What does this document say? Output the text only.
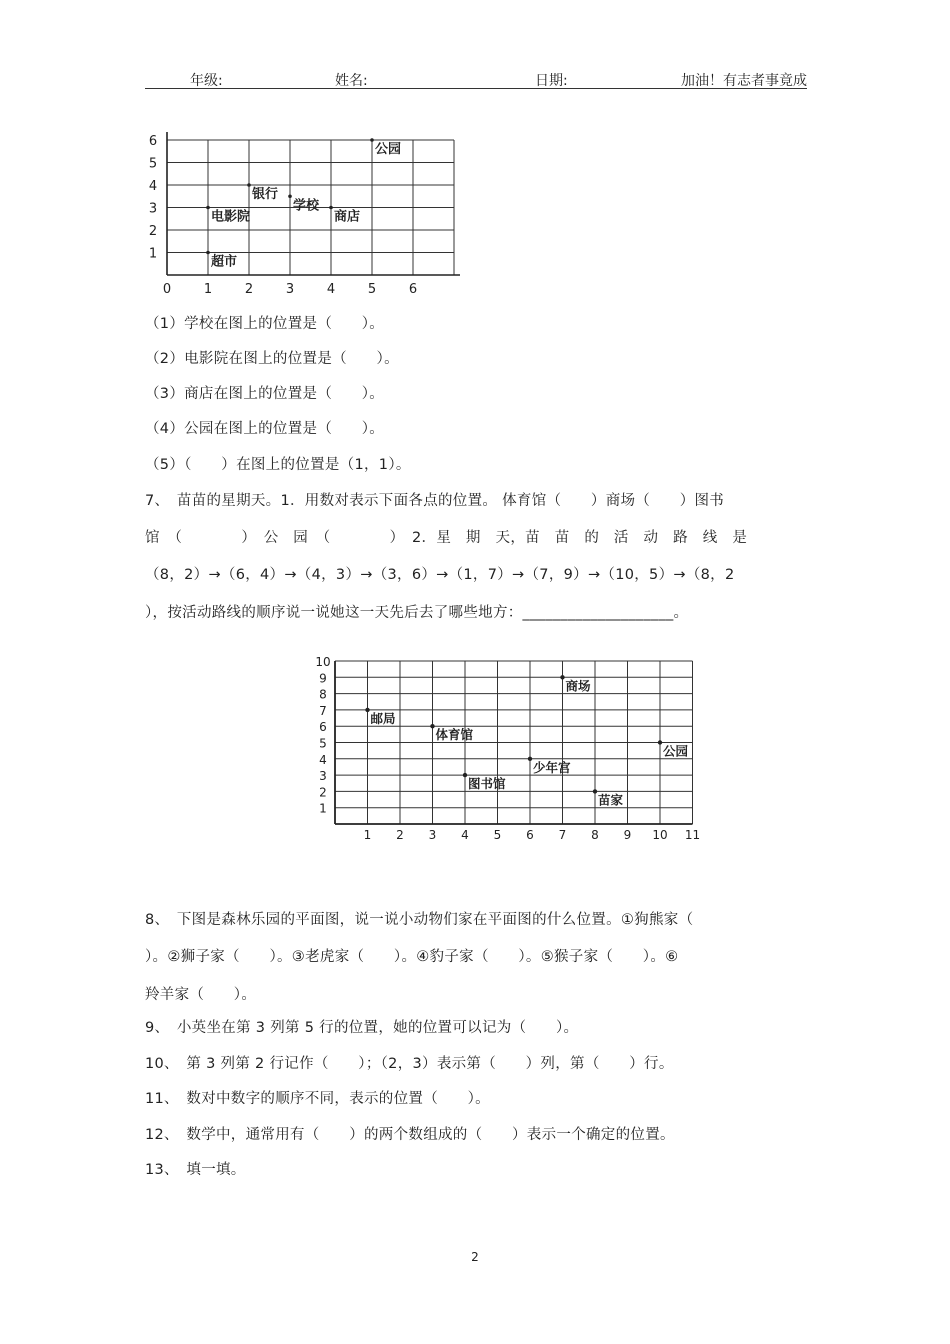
年级:	姓名:	日期:	加油！有志者事竟成
0	1	2	3	4	5	6
1
2
3
4
5
6
公园
银行
学校
电影院	商店
超市
（1）学校在图上的位置是（　　）。
（2）电影院在图上的位置是（　　）。
（3）商店在图上的位置是（　　）。
（4）公园在图上的位置是（　　）。
（5）（　　）在图上的位置是（1，1）。
7、　苗苗的星期天。1．用数对表示下面各点的位置。 体育馆（　　）商场（　　）图书
馆　（　　　　）　公　园　（　　　　）　2．星　期　天，苗　苗　的　活　动　路　线　是
（8，2）→（6，4）→（4，3）→（3，6）→（1，7）→（7，9）→（10，5）→（8，2
），按活动路线的顺序说一说她这一天先后去了哪些地方：____________________。
1 2 3 4 5 6 7 8 9 10 11
1
2
3
4
5
6
7
8
9
10
邮局
商场
体育馆
公园
少年宫
图书馆
苗家
8、　下图是森林乐园的平面图，说一说小动物们家在平面图的什么位置。①狗熊家（
）。②狮子家（　　）。③老虎家（　　）。④豹子家（　　）。⑤猴子家（　　）。⑥
羚羊家（　　）。
9、　小英坐在第 3 列第 5 行的位置，她的位置可以记为（　　）。
10、　第 3 列第 2 行记作（　　）；（2，3）表示第（　　）列，第（　　）行。
11、　数对中数字的顺序不同，表示的位置（　　）。
12、　数学中，通常用有（　　）的两个数组成的（　　）表示一个确定的位置。
13、　填一填。
2
